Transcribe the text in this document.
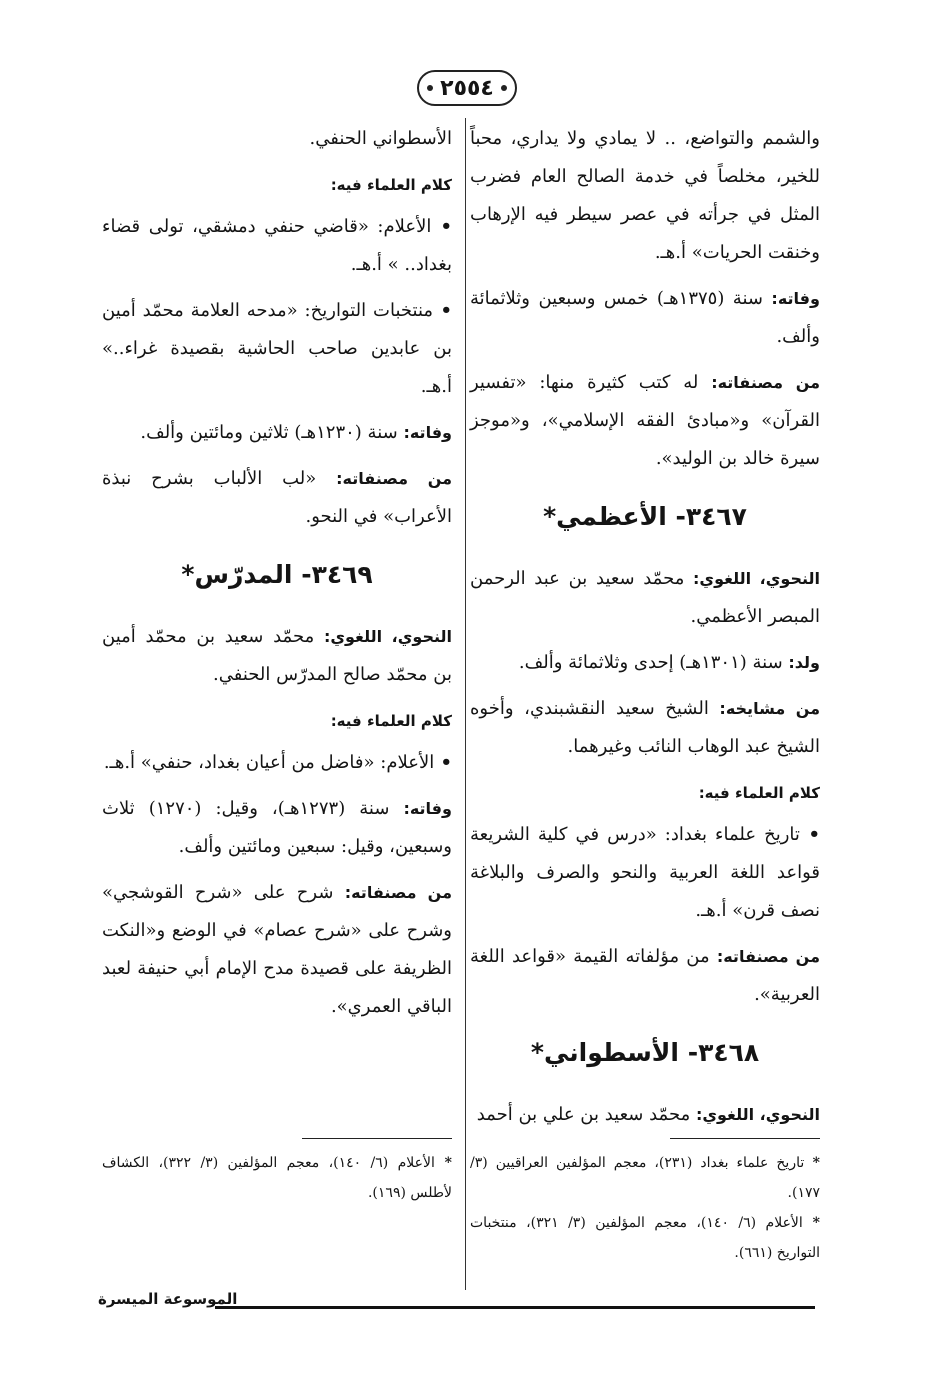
٢٥٥٤

والشمم والتواضع، .. لا يمادي ولا يداري، محباً للخير، مخلصاً في خدمة الصالح العام فضرب المثل في جرأته في عصر سيطر فيه الإرهاب وخنقت الحريات» أ.هـ.

وفاته: سنة (١٣٧٥هـ) خمس وسبعين وثلاثمائة وألف.

من مصنفاته: له كتب كثيرة منها: «تفسير القرآن» و«مبادئ الفقه الإسلامي»، و«موجز سيرة خالد بن الوليد».

٣٤٦٧- الأعظمي*

النحوي، اللغوي: محمّد سعيد بن عبد الرحمن المبصر الأعظمي.

ولد: سنة (١٣٠١هـ) إحدى وثلاثمائة وألف.

من مشايخه: الشيخ سعيد النقشبندي، وأخوه الشيخ عبد الوهاب النائب وغيرهما.

كلام العلماء فيه:

• تاريخ علماء بغداد: «درس في كلية الشريعة قواعد اللغة العربية والنحو والصرف والبلاغة نصف قرن» أ.هـ.

من مصنفاته: من مؤلفاته القيمة «قواعد اللغة العربية».

٣٤٦٨- الأسطواني*

النحوي، اللغوي: محمّد سعيد بن علي بن أحمد

الأسطواني الحنفي.

كلام العلماء فيه:

• الأعلام: «قاضي حنفي دمشقي، تولى قضاء بغداد.. » أ.هـ.

• منتخبات التواريخ: «مدحه العلامة محمّد أمين بن عابدين صاحب الحاشية بقصيدة غراء..» أ.هـ.

وفاته: سنة (١٢٣٠هـ) ثلاثين ومائتين وألف.

من مصنفاته: «لب الألباب بشرح نبذة الأعراب» في النحو.

٣٤٦٩- المدرّس*

النحوي، اللغوي: محمّد سعيد بن محمّد أمين بن محمّد صالح المدرّس الحنفي.

كلام العلماء فيه:

• الأعلام: «فاضل من أعيان بغداد، حنفي» أ.هـ.

وفاته: سنة (١٢٧٣هـ)، وقيل: (١٢٧٠) ثلاث وسبعين، وقيل: سبعين ومائتين وألف.

من مصنفاته: شرح على «شرح القوشجي» وشرح على «شرح عصام» في الوضع و«النكت الظريفة على قصيدة مدح الإمام أبي حنيفة لعبد الباقي العمري».

* تاريخ علماء بغداد (٢٣١)، معجم المؤلفين العراقيين (٣/ ١٧٧).

* الأعلام (٦/ ١٤٠)، معجم المؤلفين (٣/ ٣٢١)، منتخبات التواريخ (٦٦١).

* الأعلام (٦/ ١٤٠)، معجم المؤلفين (٣/ ٣٢٢)، الكشاف لأطلس (١٦٩).

الموسوعة الميسرة
